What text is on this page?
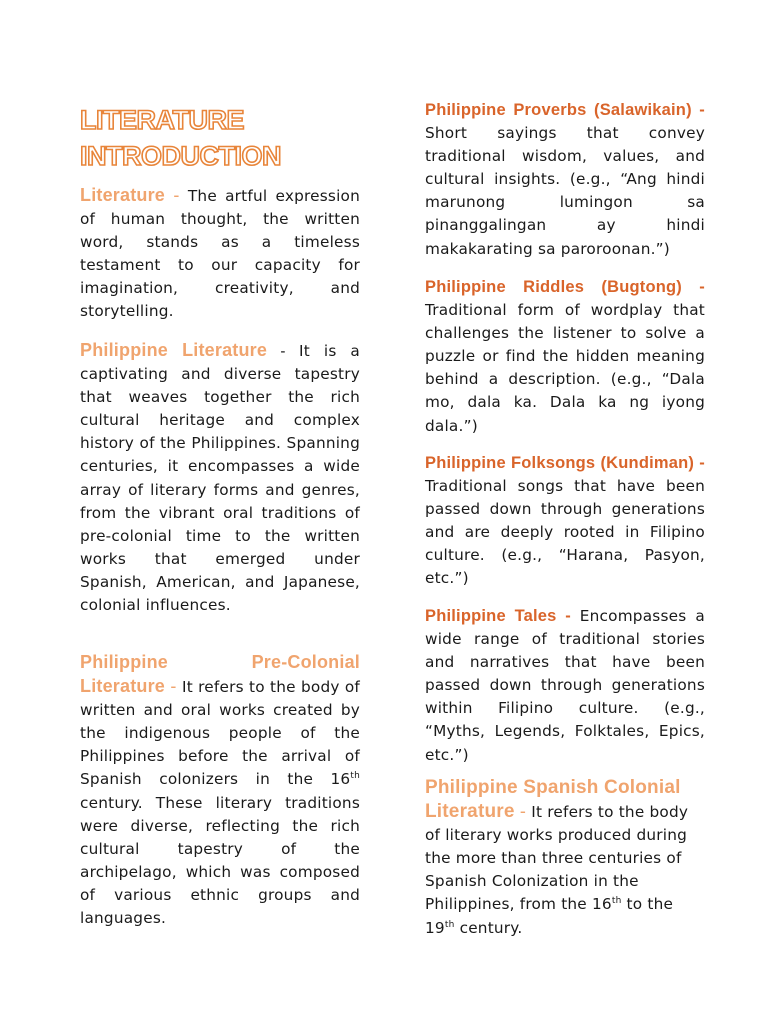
LITERATURE
INTRODUCTION

Literature - The artful expression of human thought, the written word, stands as a timeless testament to our capacity for imagination, creativity, and storytelling.

Philippine Literature - It is a captivating and diverse tapestry that weaves together the rich cultural heritage and complex history of the Philippines. Spanning centuries, it encompasses a wide array of literary forms and genres, from the vibrant oral traditions of pre-colonial time to the written works that emerged under Spanish, American, and Japanese, colonial influences.

Philippine Pre-Colonial Literature - It refers to the body of written and oral works created by the indigenous people of the Philippines before the arrival of Spanish colonizers in the 16th century. These literary traditions were diverse, reflecting the rich cultural tapestry of the archipelago, which was composed of various ethnic groups and languages.

Philippine Proverbs (Salawikain) - Short sayings that convey traditional wisdom, values, and cultural insights. (e.g., “Ang hindi marunong lumingon sa pinanggalingan ay hindi makakarating sa paroroonan.”)

Philippine Riddles (Bugtong) - Traditional form of wordplay that challenges the listener to solve a puzzle or find the hidden meaning behind a description. (e.g., “Dala mo, dala ka. Dala ka ng iyong dala.”)

Philippine Folksongs (Kundiman) - Traditional songs that have been passed down through generations and are deeply rooted in Filipino culture. (e.g., “Harana, Pasyon, etc.”)

Philippine Tales - Encompasses a wide range of traditional stories and narratives that have been passed down through generations within Filipino culture. (e.g., “Myths, Legends, Folktales, Epics, etc.”)

Philippine Spanish Colonial Literature - It refers to the body of literary works produced during the more than three centuries of Spanish Colonization in the Philippines, from the 16th to the 19th century.
